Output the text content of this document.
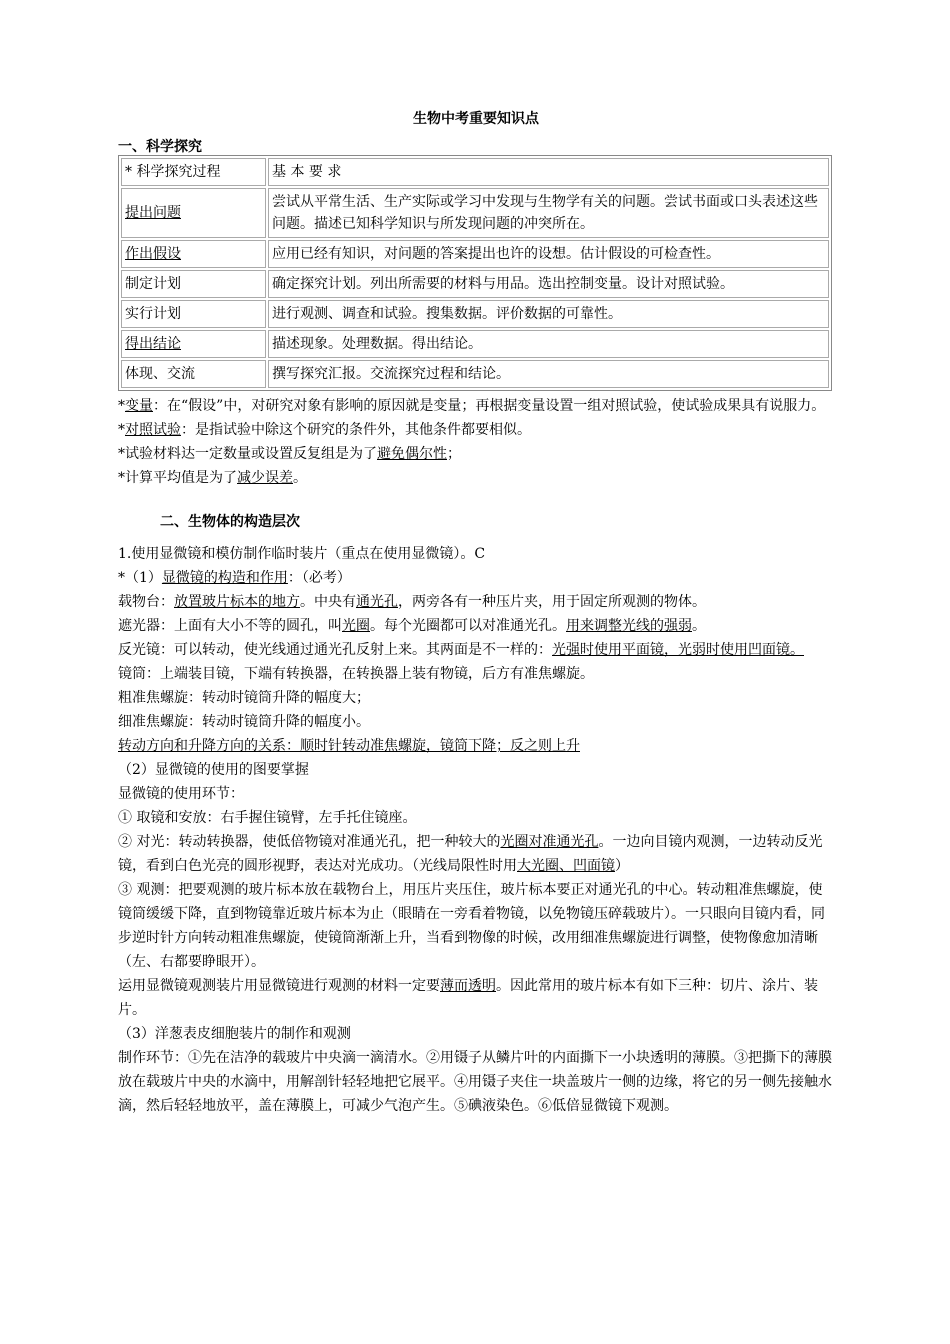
生物中考重要知识点
一、科学探究
* 科学探究过程	基 本 要 求
提出问题	尝试从平常生活、生产实际或学习中发现与生物学有关的问题。尝试书面或口头表述这些问题。描述已知科学知识与所发现问题的冲突所在。
作出假设	应用已经有知识，对问题的答案提出也许的设想。估计假设的可检查性。
制定计划	确定探究计划。列出所需要的材料与用品。选出控制变量。设计对照试验。
实行计划	进行观测、调查和试验。搜集数据。评价数据的可靠性。
得出结论	描述现象。处理数据。得出结论。
体现、交流	撰写探究汇报。交流探究过程和结论。

*变量：在“假设”中，对研究对象有影响的原因就是变量；再根据变量设置一组对照试验，使试验成果具有说服力。

*对照试验：是指试验中除这个研究的条件外，其他条件都要相似。

*试验材料达一定数量或设置反复组是为了避免偶尔性；

*计算平均值是为了减少误差。

二、生物体的构造层次

1.使用显微镜和模仿制作临时装片（重点在使用显微镜）。C

*（1）显微镜的构造和作用：（必考）

载物台：放置玻片标本的地方。中央有通光孔，两旁各有一种压片夹，用于固定所观测的物体。

遮光器：上面有大小不等的圆孔，叫光圈。每个光圈都可以对准通光孔。用来调整光线的强弱。

反光镜：可以转动，使光线通过通光孔反射上来。其两面是不一样的：光强时使用平面镜，光弱时使用凹面镜。

镜筒：上端装目镜，下端有转换器，在转换器上装有物镜，后方有准焦螺旋。

粗准焦螺旋：转动时镜筒升降的幅度大；

细准焦螺旋：转动时镜筒升降的幅度小。

转动方向和升降方向的关系：顺时针转动准焦螺旋，镜筒下降；反之则上升

（2）显微镜的使用的图要掌握

显微镜的使用环节：

① 取镜和安放：右手握住镜臂，左手托住镜座。

② 对光：转动转换器，使低倍物镜对准通光孔，把一种较大的光圈对准通光孔。一边向目镜内观测，一边转动反光镜，看到白色光亮的圆形视野，表达对光成功。（光线局限性时用大光圈、凹面镜）

③ 观测：把要观测的玻片标本放在载物台上，用压片夹压住，玻片标本要正对通光孔的中心。转动粗准焦螺旋，使镜筒缓缓下降，直到物镜靠近玻片标本为止（眼睛在一旁看着物镜，以免物镜压碎载玻片）。一只眼向目镜内看，同步逆时针方向转动粗准焦螺旋，使镜筒渐渐上升，当看到物像的时候，改用细准焦螺旋进行调整，使物像愈加清晰（左、右都要睁眼开）。

运用显微镜观测装片用显微镜进行观测的材料一定要薄而透明。因此常用的玻片标本有如下三种：切片、涂片、装片。

（3）洋葱表皮细胞装片的制作和观测

制作环节：①先在洁净的载玻片中央滴一滴清水。②用镊子从鳞片叶的内面撕下一小块透明的薄膜。③把撕下的薄膜放在载玻片中央的水滴中，用解剖针轻轻地把它展平。④用镊子夹住一块盖玻片一侧的边缘，将它的另一侧先接触水滴，然后轻轻地放平，盖在薄膜上，可减少气泡产生。⑤碘液染色。⑥低倍显微镜下观测。
